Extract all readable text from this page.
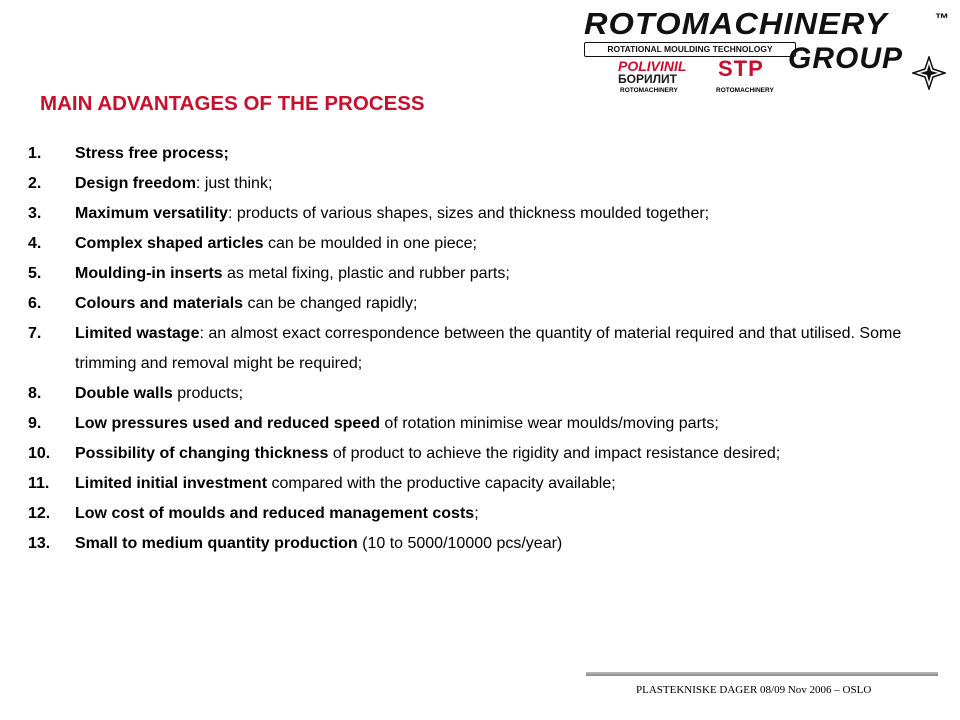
ROTOMACHINERY	™
ROTATIONAL MOULDING TECHNOLOGY GROUP
POLIVINIL
БОРИЛИТ
ROTOMACHINERY
STP
ROTOMACHINERY
MAIN ADVANTAGES OF THE PROCESS
1.	Stress free process;
2.	Design freedom: just think;
3.	Maximum versatility: products of various shapes, sizes and thickness moulded together;
4.	Complex shaped articles can be moulded in one piece;
5.	Moulding-in inserts as metal fixing, plastic and rubber parts;
6.	Colours and materials can be changed rapidly;
7.	Limited wastage: an almost exact correspondence between the quantity of material required and that utilised. Some trimming and removal might be required;
8.	Double walls products;
9.	Low pressures used and reduced speed of rotation minimise wear moulds/moving parts;
10.	Possibility of changing thickness of product to achieve the rigidity and impact resistance desired;
11.	Limited initial investment compared with the productive capacity available;
12.	Low cost of moulds and reduced management costs;
13.	Small to medium quantity production (10 to 5000/10000 pcs/year)
PLASTEKNISKE DAGER 08/09 Nov 2006 – OSLO
